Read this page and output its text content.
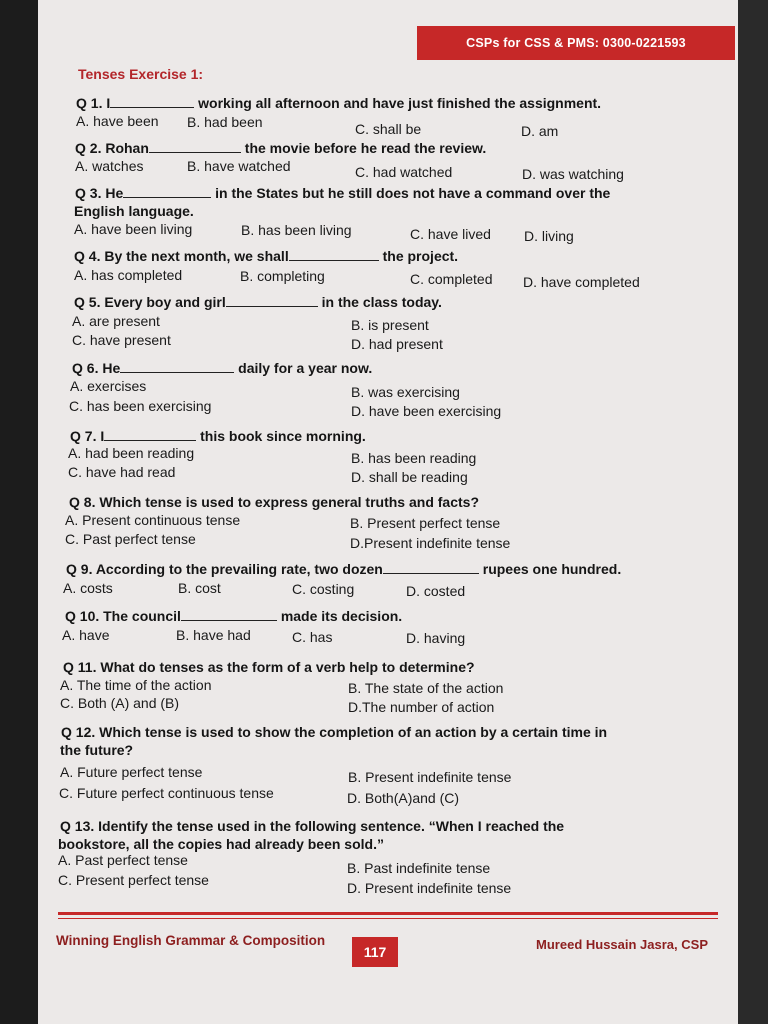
CSPs for CSS & PMS: 0300-0221593
Tenses Exercise 1:
Q 1. I	working all afternoon and have just finished the assignment.
A. have been B. had been	C. shall be	D. am
Q 2. Rohan	the movie before he read the review.
A. watches	B. have watched	C. had watched	D. was watching
Q 3. He	in the States but he still does not have a command over the
English language.
A. have been living	B. has been living	C. have lived D. living
Q 4. By the next month, we shall	the project.
A. has completed	B. completing	C. completed D. have completed
Q 5. Every boy and girl	in the class today.
A. are present	B. is present
C. have present	D. had present
Q 6. He	daily for a year now.
A. exercises	B. was exercising
C. has been exercising	D. have been exercising
Q 7. I	this book since morning.
A. had been reading	B. has been reading
C. have had read	D. shall be reading
Q 8. Which tense is used to express general truths and facts?
A. Present continuous tense	B. Present perfect tense
C. Past perfect tense	D.Present indefinite tense
Q 9. According to the prevailing rate, two dozen	rupees one hundred.
A. costs	B. cost	C. costing	D. costed
Q 10. The council	made its decision.
A. have	B. have had	C. has	D. having
Q 11. What do tenses as the form of a verb help to determine?
A. The time of the action	B. The state of the action
C. Both (A) and (B)	D.The number of action
Q 12. Which tense is used to show the completion of an action by a certain time in
the future?
A. Future perfect tense	B. Present indefinite tense
C. Future perfect continuous tense	D. Both(A)and (C)
Q 13. Identify the tense used in the following sentence. “When I reached the
bookstore, all the copies had already been sold.”
A. Past perfect tense	B. Past indefinite tense
C. Present perfect tense	D. Present indefinite tense
Winning English Grammar & Composition
117	Mureed Hussain Jasra, CSP
